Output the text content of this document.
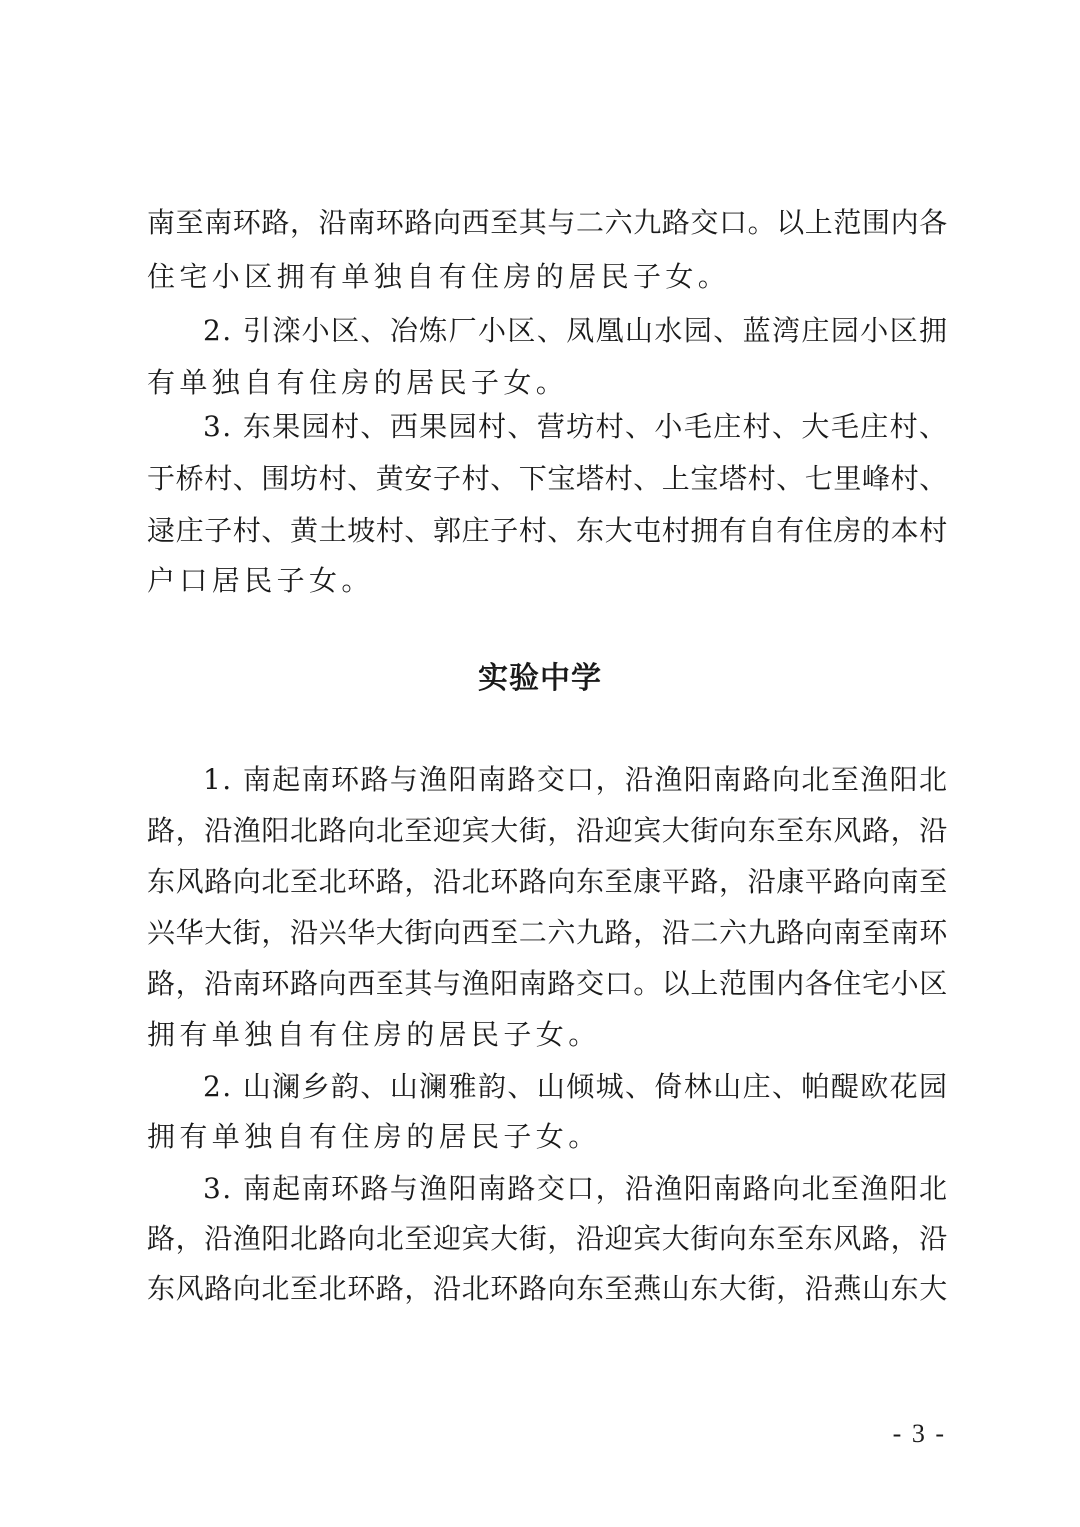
南至南环路，沿南环路向西至其与二六九路交口。以上范围内各
住宅小区拥有单独自有住房的居民子女。
2. 引滦小区、冶炼厂小区、凤凰山水园、蓝湾庄园小区拥
有单独自有住房的居民子女。
3. 东果园村、西果园村、营坊村、小毛庄村、大毛庄村、
于桥村、围坊村、黄安子村、下宝塔村、上宝塔村、七里峰村、
逯庄子村、黄土坡村、郭庄子村、东大屯村拥有自有住房的本村
户口居民子女。
实验中学
1. 南起南环路与渔阳南路交口，沿渔阳南路向北至渔阳北
路，沿渔阳北路向北至迎宾大街，沿迎宾大街向东至东风路，沿
东风路向北至北环路，沿北环路向东至康平路，沿康平路向南至
兴华大街，沿兴华大街向西至二六九路，沿二六九路向南至南环
路，沿南环路向西至其与渔阳南路交口。以上范围内各住宅小区
拥有单独自有住房的居民子女。
2. 山澜乡韵、山澜雅韵、山倾城、倚林山庄、帕醍欧花园
拥有单独自有住房的居民子女。
3. 南起南环路与渔阳南路交口，沿渔阳南路向北至渔阳北
路，沿渔阳北路向北至迎宾大街，沿迎宾大街向东至东风路，沿
东风路向北至北环路，沿北环路向东至燕山东大街，沿燕山东大
- 3 -
